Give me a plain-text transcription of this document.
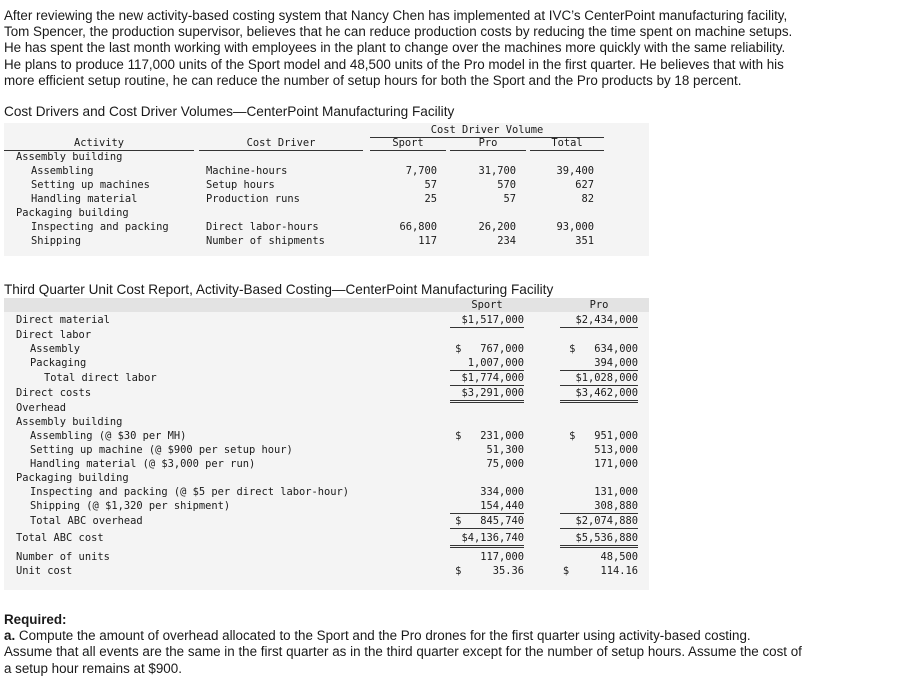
After reviewing the new activity-based costing system that Nancy Chen has implemented at IVC’s CenterPoint manufacturing facility,
Tom Spencer, the production supervisor, believes that he can reduce production costs by reducing the time spent on machine setups.
He has spent the last month working with employees in the plant to change over the machines more quickly with the same reliability.
He plans to produce 117,000 units of the Sport model and 48,500 units of the Pro model in the first quarter. He believes that with his
more efficient setup routine, he can reduce the number of setup hours for both the Sport and the Pro products by 18 percent.
Cost Drivers and Cost Driver Volumes—CenterPoint Manufacturing Facility
Cost Driver Volume
Activity	Cost Driver	Sport	Pro	Total
Assembly building
Assembling	Machine-hours	7,700	31,700	39,400
Setting up machines	Setup hours	57	570	627
Handling material	Production runs	25	57	82
Packaging building
Inspecting and packing	Direct labor-hours	66,800	26,200	93,000
Shipping	Number of shipments	117	234	351
Third Quarter Unit Cost Report, Activity-Based Costing—CenterPoint Manufacturing Facility
Sport	Pro
Direct material	$1,517,000	$2,434,000
Direct labor
Assembly	$   767,000	$   634,000
Packaging	1,007,000	394,000
Total direct labor	$1,774,000	$1,028,000
Direct costs	$3,291,000	$3,462,000
Overhead
Assembly building
Assembling (@ $30 per MH)	$   231,000	$   951,000
Setting up machine (@ $900 per setup hour)	51,300	513,000
Handling material (@ $3,000 per run)	75,000	171,000
Packaging building
Inspecting and packing (@ $5 per direct labor-hour)	334,000	131,000
Shipping (@ $1,320 per shipment)	154,440	308,880
Total ABC overhead	$   845,740	$2,074,880
Total ABC cost	$4,136,740	$5,536,880
Number of units	117,000	48,500
Unit cost	$     35.36	$     114.16
Required:
a. Compute the amount of overhead allocated to the Sport and the Pro drones for the first quarter using activity-based costing.
Assume that all events are the same in the first quarter as in the third quarter except for the number of setup hours. Assume the cost of
a setup hour remains at $900.
